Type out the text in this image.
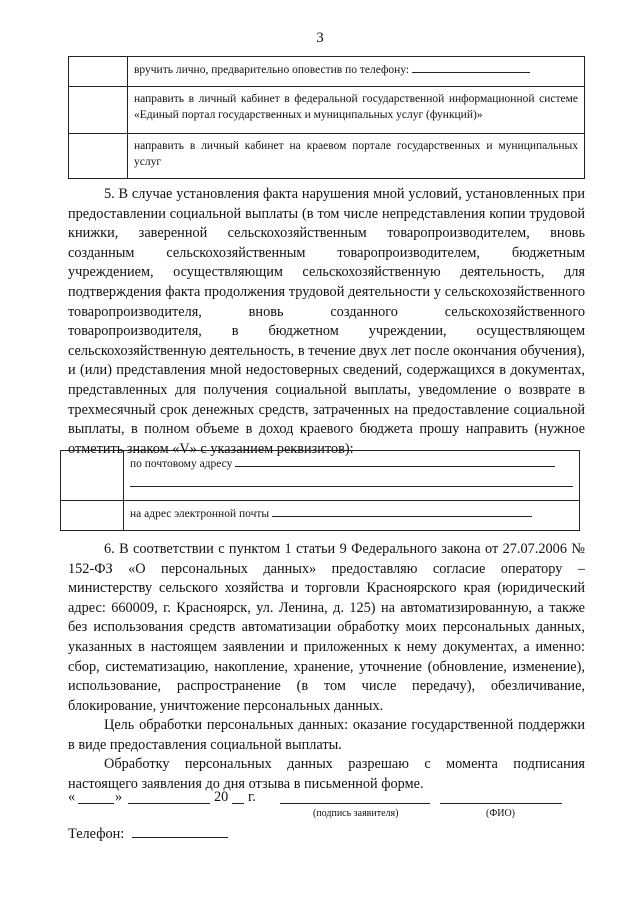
3
	вручить лично, предварительно оповестив по телефону:
	направить в личный кабинет в федеральной государственной информационной системе «Единый портал государственных и муниципальных услуг (функций)»
	направить в личный кабинет на краевом портале государственных и муниципальных услуг
5. В случае установления факта нарушения мной условий, установленных при предоставлении социальной выплаты (в том числе непредставления копии трудовой книжки, заверенной сельскохозяйственным товаропроизводителем, вновь созданным сельскохозяйственным товаропроизводителем, бюджетным учреждением, осуществляющим сельскохозяйственную деятельность, для подтверждения факта продолжения трудовой деятельности у сельскохозяйственного товаропроизводителя, вновь созданного сельскохозяйственного товаропроизводителя, в бюджетном учреждении, осуществляющем сельскохозяйственную деятельность, в течение двух лет после окончания обучения), и (или) представления мной недостоверных сведений, содержащихся в документах, представленных для получения социальной выплаты, уведомление о возврате в трехмесячный срок денежных средств, затраченных на предоставление социальной выплаты, в полном объеме в доход краевого бюджета прошу направить (нужное отметить знаком «V» с указанием реквизитов):
	по почтовому адресу

	на адрес электронной почты
6. В соответствии с пунктом 1 статьи 9 Федерального закона от 27.07.2006 № 152-ФЗ «О персональных данных» предоставляю согласие оператору – министерству сельского хозяйства и торговли Красноярского края (юридический адрес: 660009, г. Красноярск, ул. Ленина, д. 125) на автоматизированную, а также без использования средств автоматизации обработку моих персональных данных, указанных в настоящем заявлении и приложенных к нему документах, а именно: сбор, систематизацию, накопление, хранение, уточнение (обновление, изменение), использование, распространение (в том числе передачу), обезличивание, блокирование, уничтожение персональных данных.
Цель обработки персональных данных: оказание государственной поддержки в виде предоставления социальной выплаты.
Обработку персональных данных разрешаю с момента подписания настоящего заявления до дня отзыва в письменной форме.
«	»	20 г.
(подпись заявителя)	(ФИО)
Телефон:
